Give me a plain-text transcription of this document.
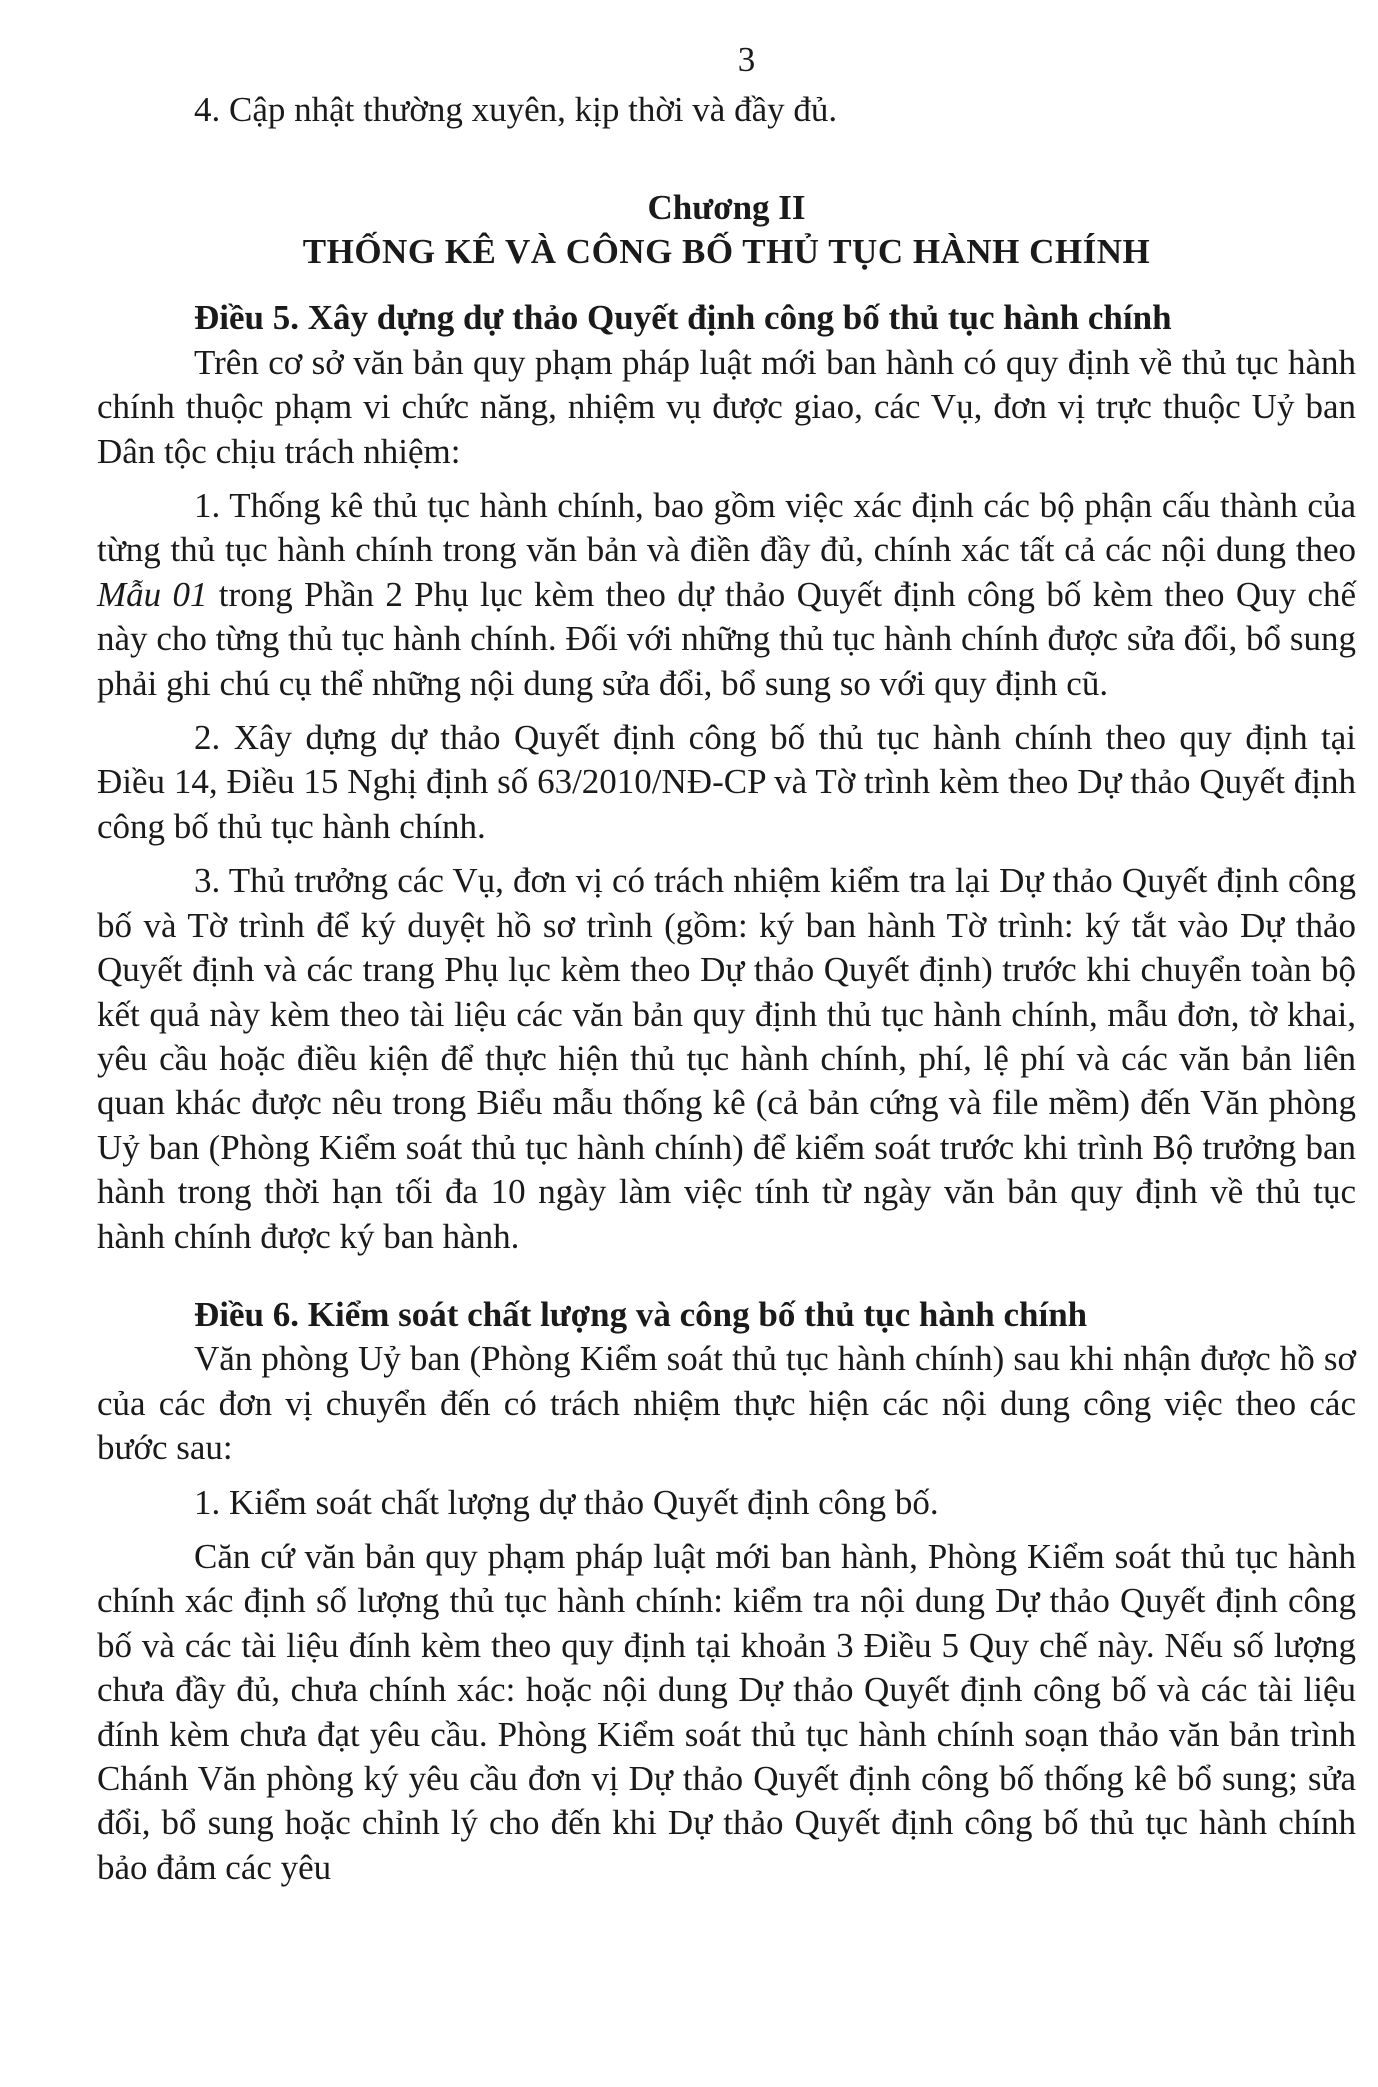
3

4. Cập nhật thường xuyên, kịp thời và đầy đủ.

Chương II
THỐNG KÊ VÀ CÔNG BỐ THỦ TỤC HÀNH CHÍNH

Điều 5. Xây dựng dự thảo Quyết định công bố thủ tục hành chính

Trên cơ sở văn bản quy phạm pháp luật mới ban hành có quy định về thủ tục hành chính thuộc phạm vi chức năng, nhiệm vụ được giao, các Vụ, đơn vị trực thuộc Uỷ ban Dân tộc chịu trách nhiệm:

1. Thống kê thủ tục hành chính, bao gồm việc xác định các bộ phận cấu thành của từng thủ tục hành chính trong văn bản và điền đầy đủ, chính xác tất cả các nội dung theo Mẫu 01 trong Phần 2 Phụ lục kèm theo dự thảo Quyết định công bố kèm theo Quy chế này cho từng thủ tục hành chính. Đối với những thủ tục hành chính được sửa đổi, bổ sung phải ghi chú cụ thể những nội dung sửa đổi, bổ sung so với quy định cũ.

2. Xây dựng dự thảo Quyết định công bố thủ tục hành chính theo quy định tại Điều 14, Điều 15 Nghị định số 63/2010/NĐ-CP và Tờ trình kèm theo Dự thảo Quyết định công bố thủ tục hành chính.

3. Thủ trưởng các Vụ, đơn vị có trách nhiệm kiểm tra lại Dự thảo Quyết định công bố và Tờ trình để ký duyệt hồ sơ trình (gồm: ký ban hành Tờ trình: ký tắt vào Dự thảo Quyết định và các trang Phụ lục kèm theo Dự thảo Quyết định) trước khi chuyển toàn bộ kết quả này kèm theo tài liệu các văn bản quy định thủ tục hành chính, mẫu đơn, tờ khai, yêu cầu hoặc điều kiện để thực hiện thủ tục hành chính, phí, lệ phí và các văn bản liên quan khác được nêu trong Biểu mẫu thống kê (cả bản cứng và file mềm) đến Văn phòng Uỷ ban (Phòng Kiểm soát thủ tục hành chính) để kiểm soát trước khi trình Bộ trưởng ban hành trong thời hạn tối đa 10 ngày làm việc tính từ ngày văn bản quy định về thủ tục hành chính được ký ban hành.

Điều 6. Kiểm soát chất lượng và công bố thủ tục hành chính

Văn phòng Uỷ ban (Phòng Kiểm soát thủ tục hành chính) sau khi nhận được hồ sơ của các đơn vị chuyển đến có trách nhiệm thực hiện các nội dung công việc theo các bước sau:

1. Kiểm soát chất lượng dự thảo Quyết định công bố.

Căn cứ văn bản quy phạm pháp luật mới ban hành, Phòng Kiểm soát thủ tục hành chính xác định số lượng thủ tục hành chính: kiểm tra nội dung Dự thảo Quyết định công bố và các tài liệu đính kèm theo quy định tại khoản 3 Điều 5 Quy chế này. Nếu số lượng chưa đầy đủ, chưa chính xác: hoặc nội dung Dự thảo Quyết định công bố và các tài liệu đính kèm chưa đạt yêu cầu. Phòng Kiểm soát thủ tục hành chính soạn thảo văn bản trình Chánh Văn phòng ký yêu cầu đơn vị Dự thảo Quyết định công bố thống kê bổ sung; sửa đổi, bổ sung hoặc chỉnh lý cho đến khi Dự thảo Quyết định công bố thủ tục hành chính bảo đảm các yêu
